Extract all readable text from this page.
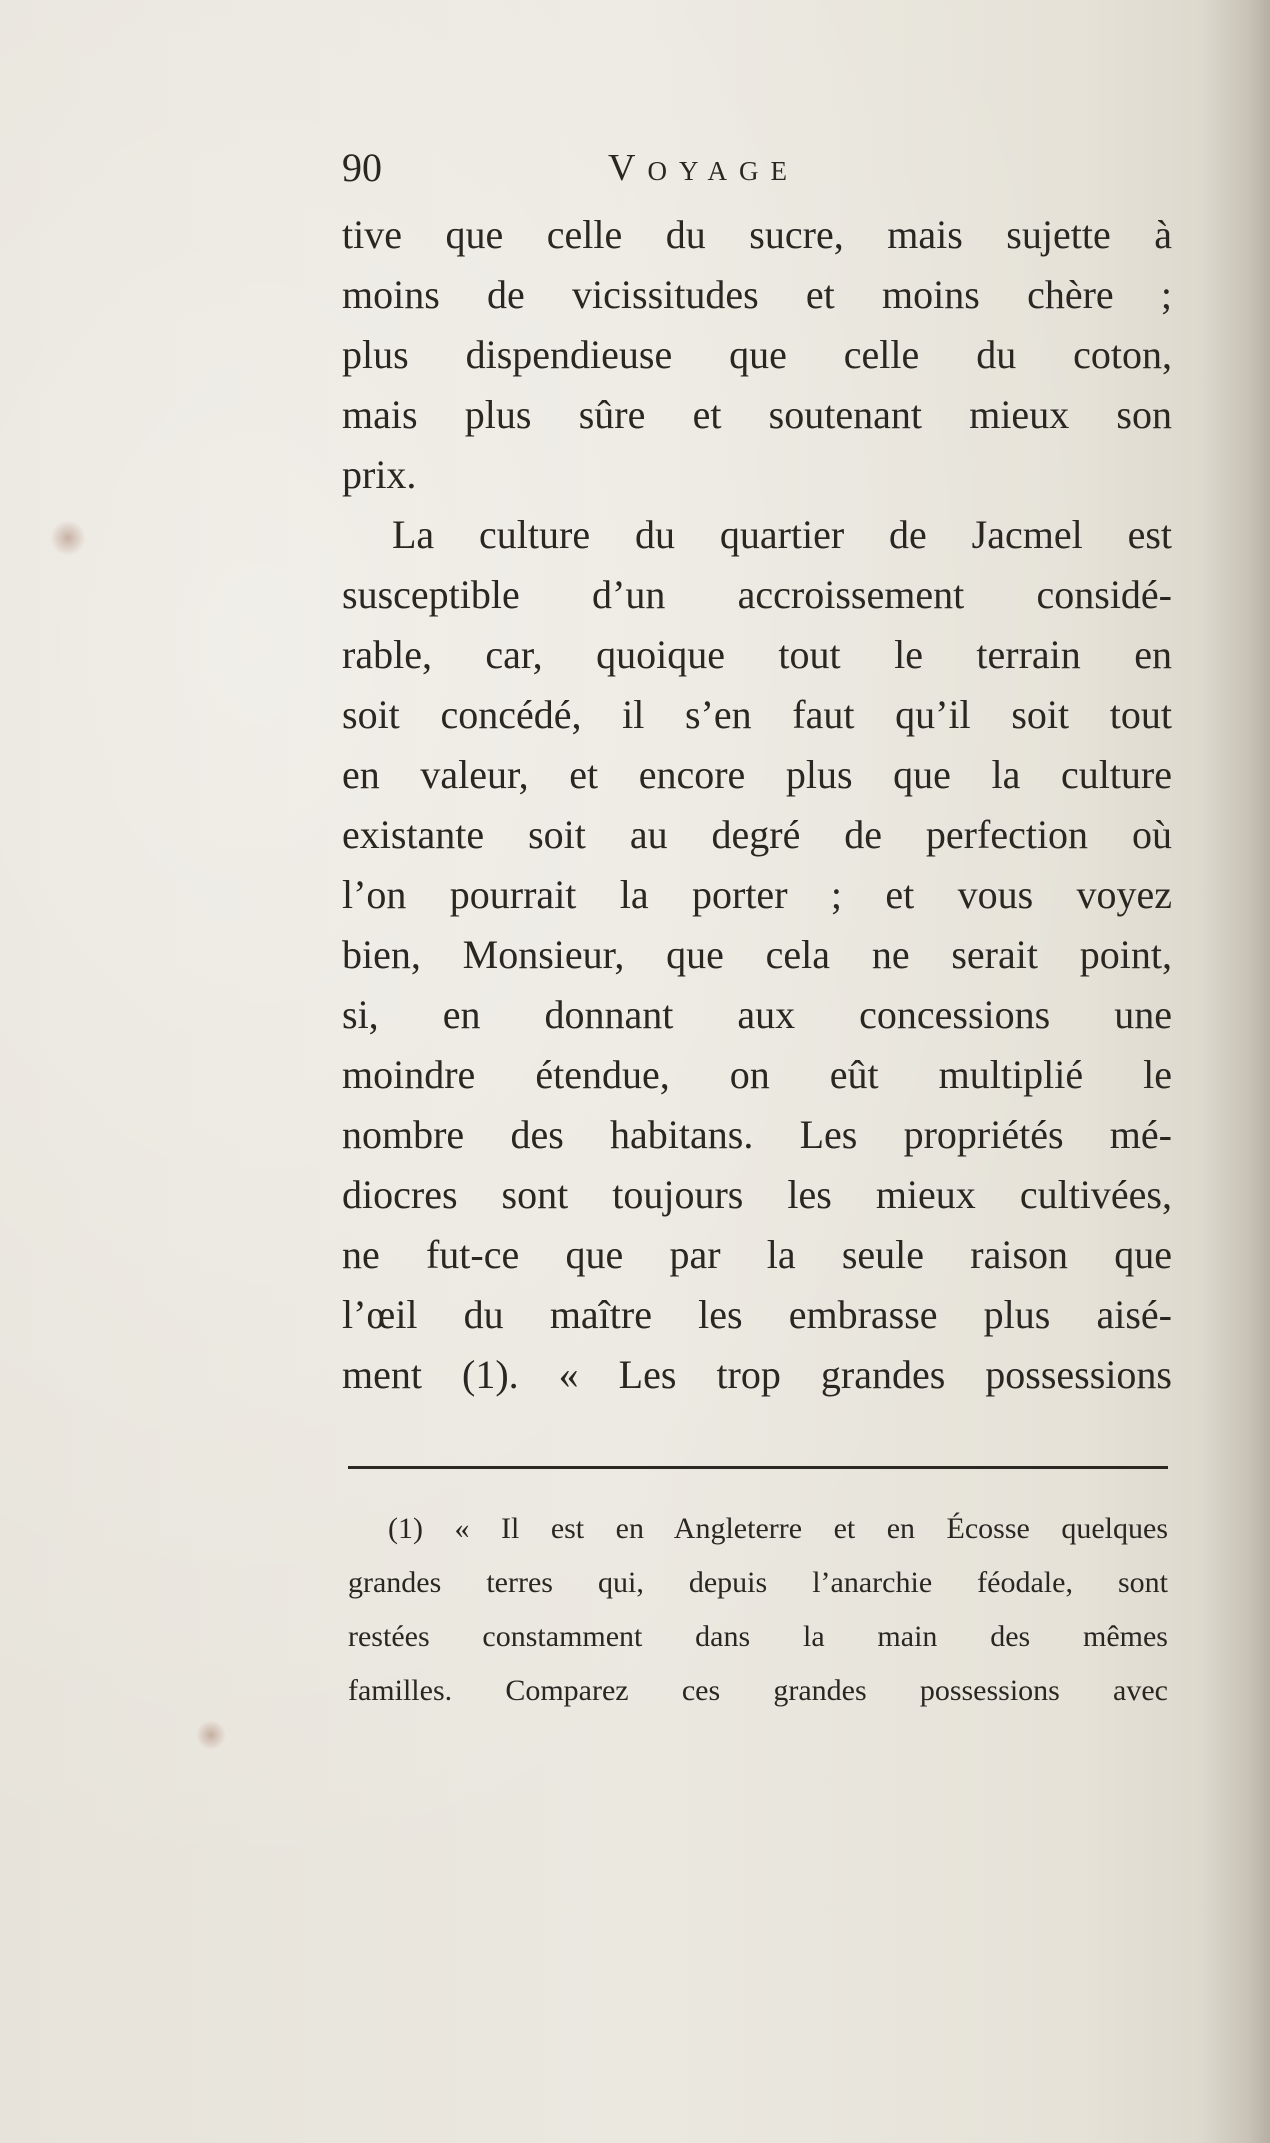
90	Voyage
tive que celle du sucre, mais sujette à
moins de vicissitudes et moins chère ;
plus dispendieuse que celle du coton,
mais plus sûre et soutenant mieux son
prix.
La culture du quartier de Jacmel est
susceptible d’un accroissement considé-
rable, car, quoique tout le terrain en
soit concédé, il s’en faut qu’il soit tout
en valeur, et encore plus que la culture
existante soit au degré de perfection où
l’on pourrait la porter ; et vous voyez
bien, Monsieur, que cela ne serait point,
si, en donnant aux concessions une
moindre étendue, on eût multiplié le
nombre des habitans. Les propriétés mé-
diocres sont toujours les mieux cultivées,
ne fut-ce que par la seule raison que
l’œil du maître les embrasse plus aisé-
ment (1). « Les trop grandes possessions
(1) « Il est en Angleterre et en Écosse quelques
grandes terres qui, depuis l’anarchie féodale, sont
restées constamment dans la main des mêmes
familles. Comparez ces grandes possessions avec
